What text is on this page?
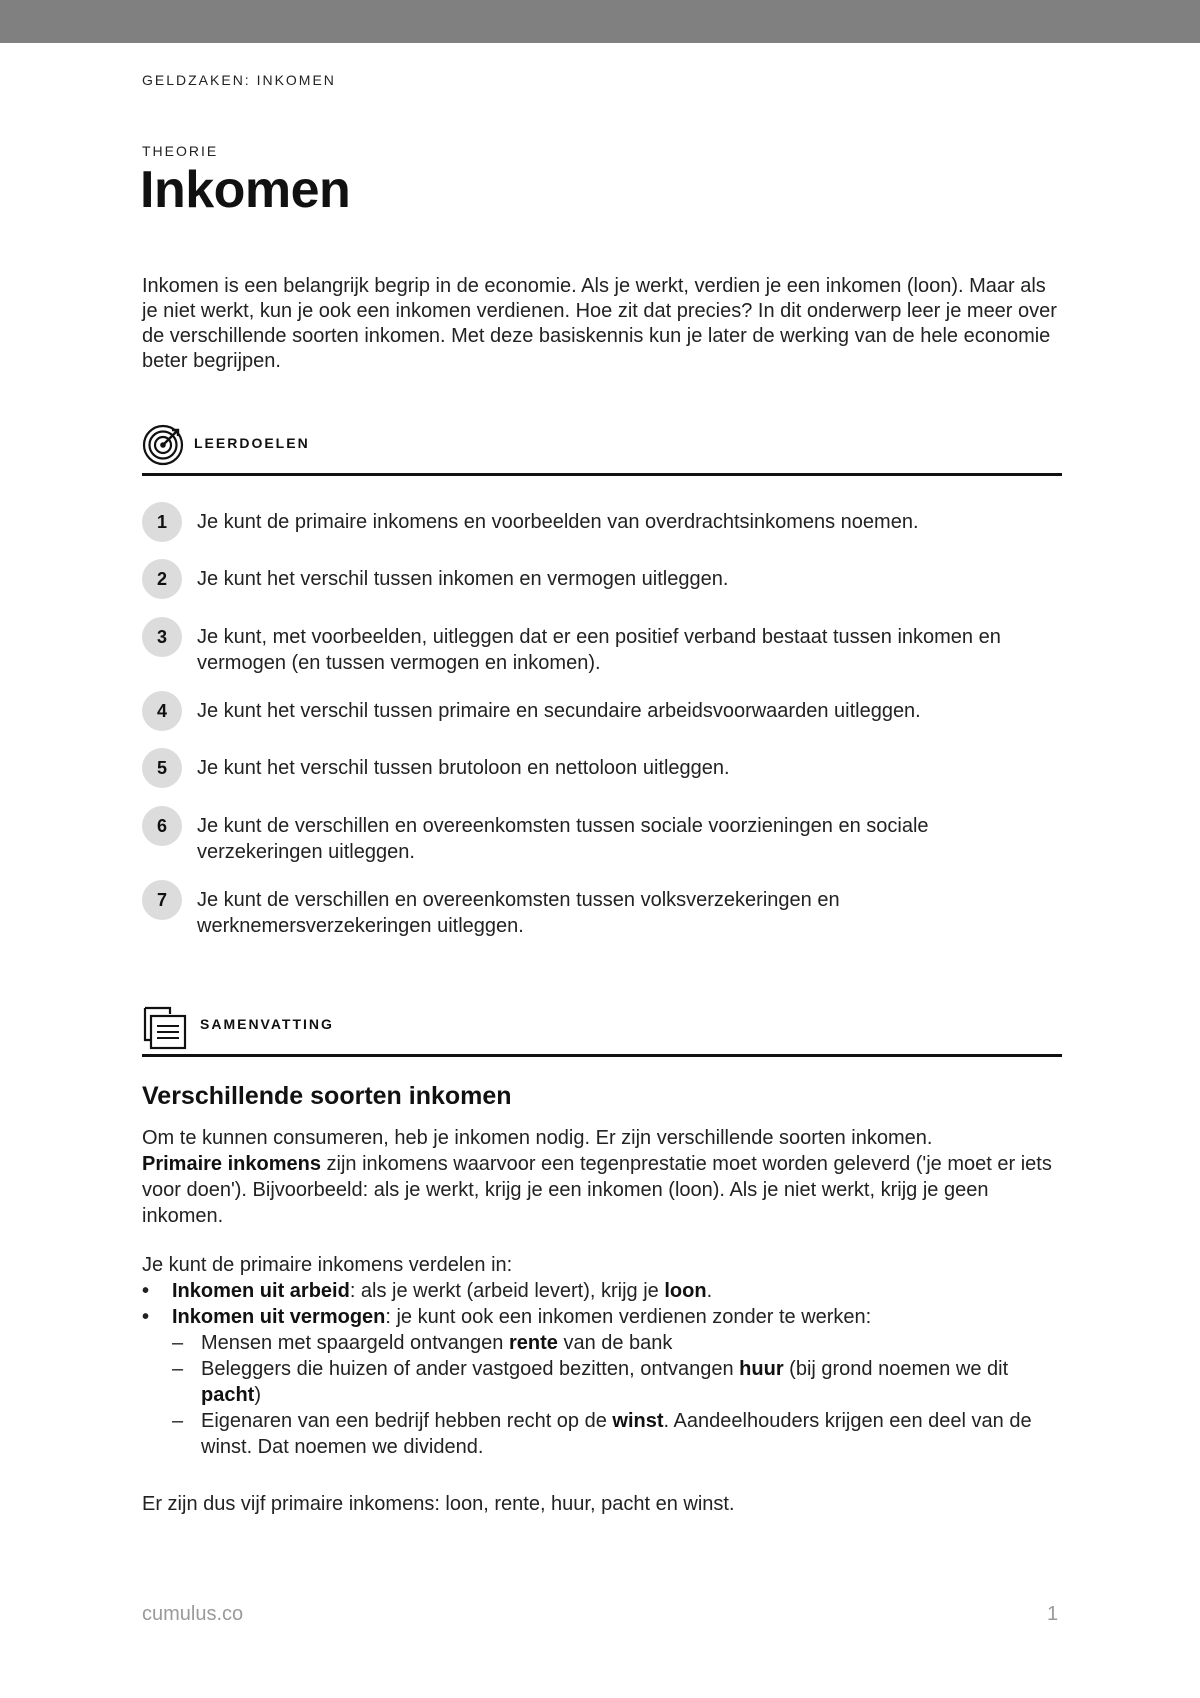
GELDZAKEN: INKOMEN
THEORIE
Inkomen

Inkomen is een belangrijk begrip in de economie. Als je werkt, verdien je een inkomen (loon). Maar als je niet werkt, kun je ook een inkomen verdienen. Hoe zit dat precies? In dit onderwerp leer je meer over de verschillende soorten inkomen. Met deze basiskennis kun je later de werking van de hele economie beter begrijpen.

LEERDOELEN
1	Je kunt de primaire inkomens en voorbeelden van overdrachtsinkomens noemen.
2	Je kunt het verschil tussen inkomen en vermogen uitleggen.
3	Je kunt, met voorbeelden, uitleggen dat er een positief verband bestaat tussen inkomen en vermogen (en tussen vermogen en inkomen).
4	Je kunt het verschil tussen primaire en secundaire arbeidsvoorwaarden uitleggen.
5	Je kunt het verschil tussen brutoloon en nettoloon uitleggen.
6	Je kunt de verschillen en overeenkomsten tussen sociale voorzieningen en sociale verzekeringen uitleggen.
7	Je kunt de verschillen en overeenkomsten tussen volksverzekeringen en werknemersverzekeringen uitleggen.
SAMENVATTING
Verschillende soorten inkomen

Om te kunnen consumeren, heb je inkomen nodig. Er zijn verschillende soorten inkomen.
Primaire inkomens zijn inkomens waarvoor een tegenprestatie moet worden geleverd ('je moet er iets voor doen'). Bijvoorbeeld: als je werkt, krijg je een inkomen (loon). Als je niet werkt, krijg je geen inkomen.

Je kunt de primaire inkomens verdelen in:

• Inkomen uit arbeid: als je werkt (arbeid levert), krijg je loon.
• Inkomen uit vermogen: je kunt ook een inkomen verdienen zonder te werken:
– Mensen met spaargeld ontvangen rente van de bank
– Beleggers die huizen of ander vastgoed bezitten, ontvangen huur (bij grond noemen we dit pacht)
– Eigenaren van een bedrijf hebben recht op de winst. Aandeelhouders krijgen een deel van de winst. Dat noemen we dividend.

Er zijn dus vijf primaire inkomens: loon, rente, huur, pacht en winst.

cumulus.co	1
